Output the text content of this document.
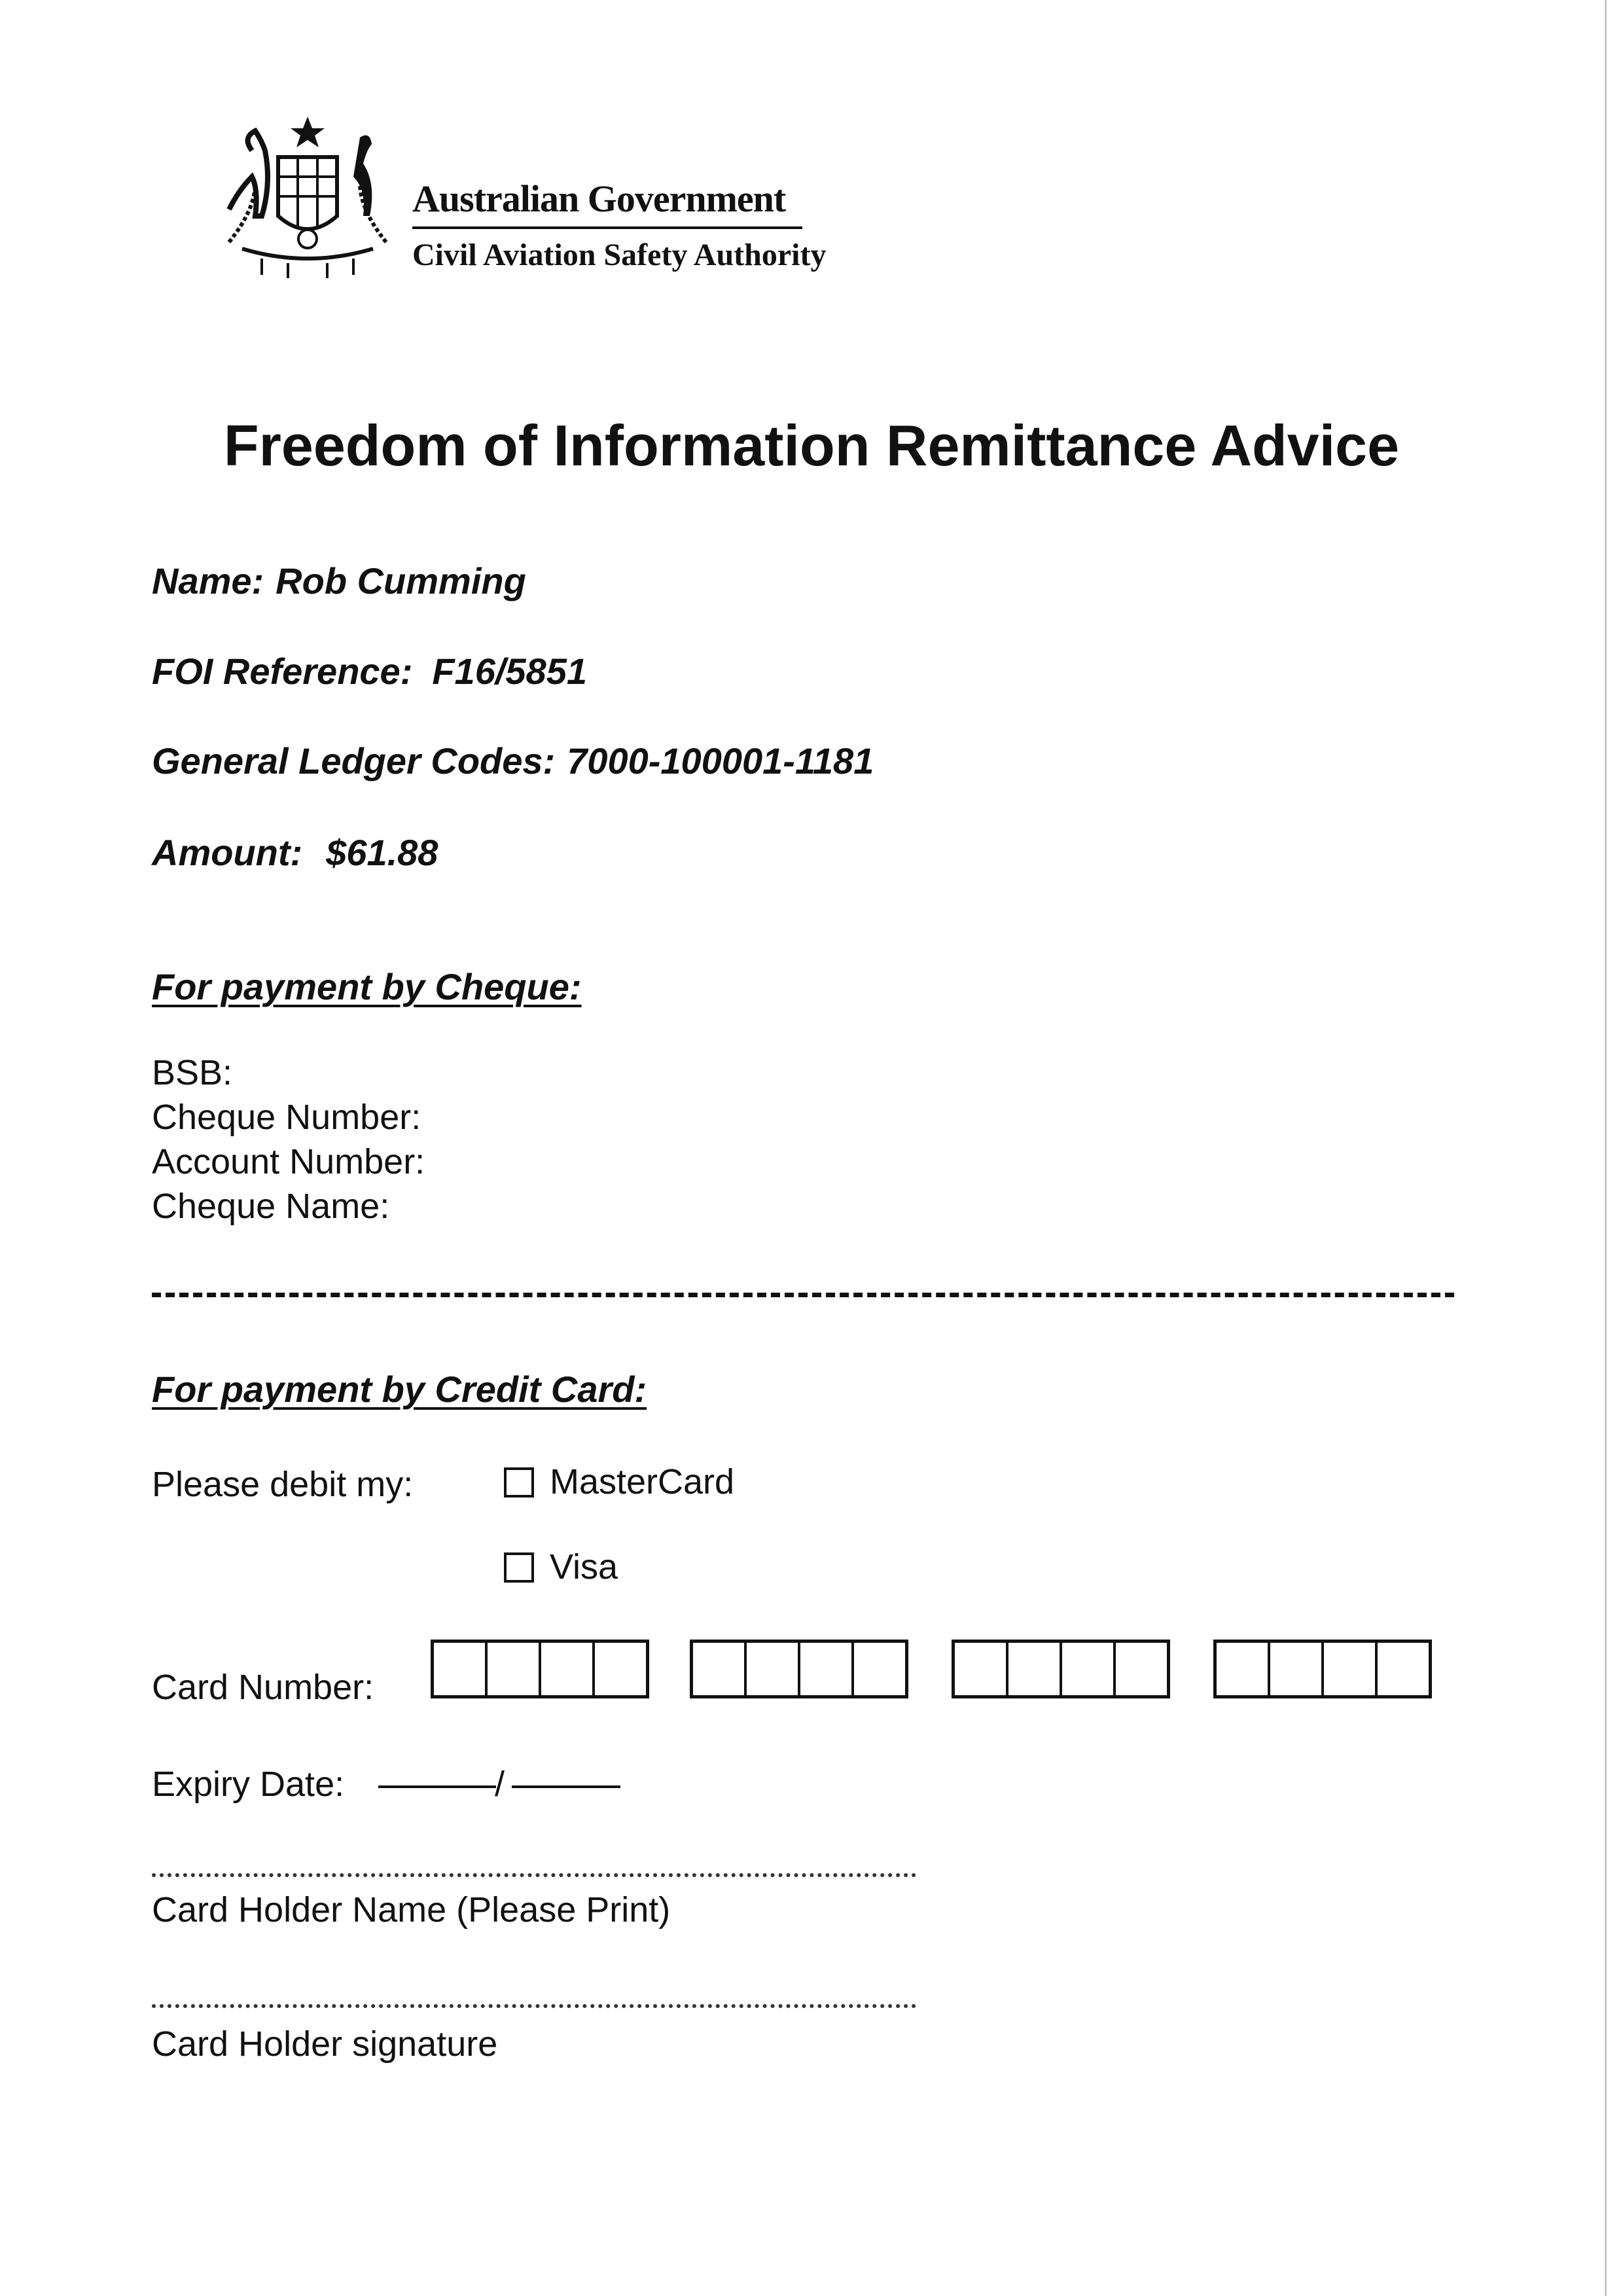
Australian Government
Civil Aviation Safety Authority
Freedom of Information Remittance Advice
Name: Rob Cumming
FOI Reference: F16/5851
General Ledger Codes: 7000-100001-1181
Amount: $61.88
For payment by Cheque:
BSB:
Cheque Number:
Account Number:
Cheque Name:
For payment by Credit Card:
Please debit my:	MasterCard
Visa
Card Number:
Expiry Date:	/
Card Holder Name (Please Print)
Card Holder signature
